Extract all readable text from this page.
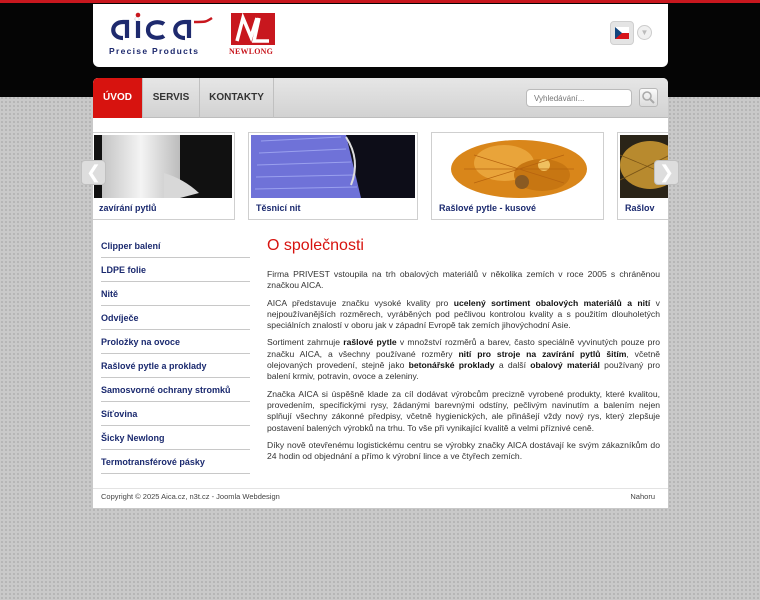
Precise Products	NEWLONG
▼
ÚVOD	SERVIS	KONTAKTY
Vyhledávání...
zavírání pytlů	Těsnicí nit	Rašlové pytle - kusové	Rašlov
Clipper balení
LDPE folie
Nitě
Odvíječe
Proložky na ovoce
Rašlové pytle a proklady
Samosvorné ochrany stromků
Síťovina
Šicky Newlong
Termotransférové pásky
O společnosti

Firma PRIVEST vstoupila na trh obalových materiálů v několika zemích v roce 2005 s chráněnou značkou AICA.

AICA představuje značku vysoké kvality pro ucelený sortiment obalových materiálů a nití v nejpoužívanějších rozměrech, vyráběných pod pečlivou kontrolou kvality a s použitím dlouholetých speciálních znalostí v oboru jak v západní Evropě tak zemích jihovýchodní Asie.

Sortiment zahrnuje rašlové pytle v množství rozměrů a barev, často speciálně vyvinutých pouze pro značku AICA, a všechny používané rozměry nití pro stroje na zavírání pytlů šitím, včetně olejovaných provedení, stejně jako betonářské proklady a další obalový materiál používaný pro balení krmiv, potravin, ovoce a zeleniny.

Značka AICA si úspěšně klade za cíl dodávat výrobcům precizně vyrobené produkty, které kvalitou, provedením, specifickými rysy, žádanými barevnými odstíny, pečlivým navinutím a balením nejen splňují všechny zákonné předpisy, včetně hygienických, ale přinášejí vždy nový rys, který zlepšuje postavení balených výrobků na trhu. To vše při vynikající kvalitě a velmi příznivé ceně.

Díky nově otevřenému logistickému centru se výrobky značky AICA dostávají ke svým zákazníkům do 24 hodin od objednání a přímo k výrobní lince a ve čtyřech zemích.

Copyright © 2025 Aica.cz, n3t.cz - Joomla Webdesign	Nahoru
❮	❯
